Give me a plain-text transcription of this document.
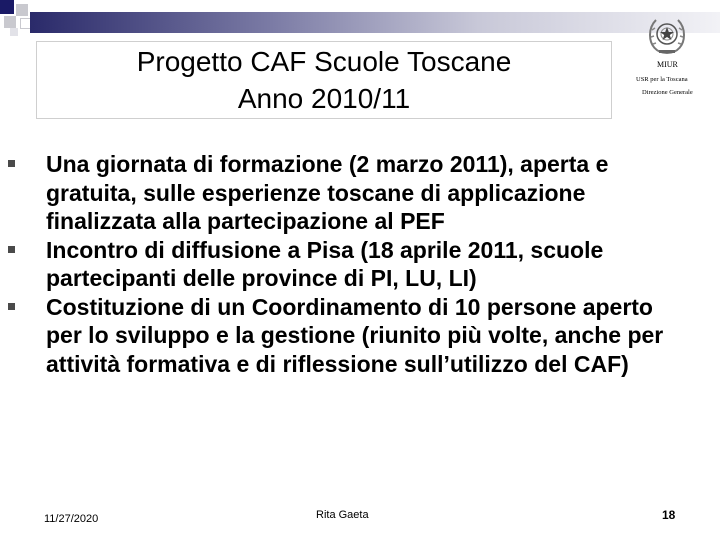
Progetto CAF Scuole Toscane
Anno 2010/11
MIUR
USR per la Toscana
Direzione Generale
Una giornata di formazione (2 marzo 2011), aperta e gratuita, sulle esperienze toscane di applicazione finalizzata alla partecipazione al PEF
Incontro di diffusione a Pisa (18 aprile 2011, scuole partecipanti delle province di PI, LU, LI)
Costituzione di un Coordinamento di 10 persone aperto per lo sviluppo e la gestione (riunito più volte, anche per attività formativa e di riflessione sull’utilizzo del CAF)
11/27/2020	Rita Gaeta	18
